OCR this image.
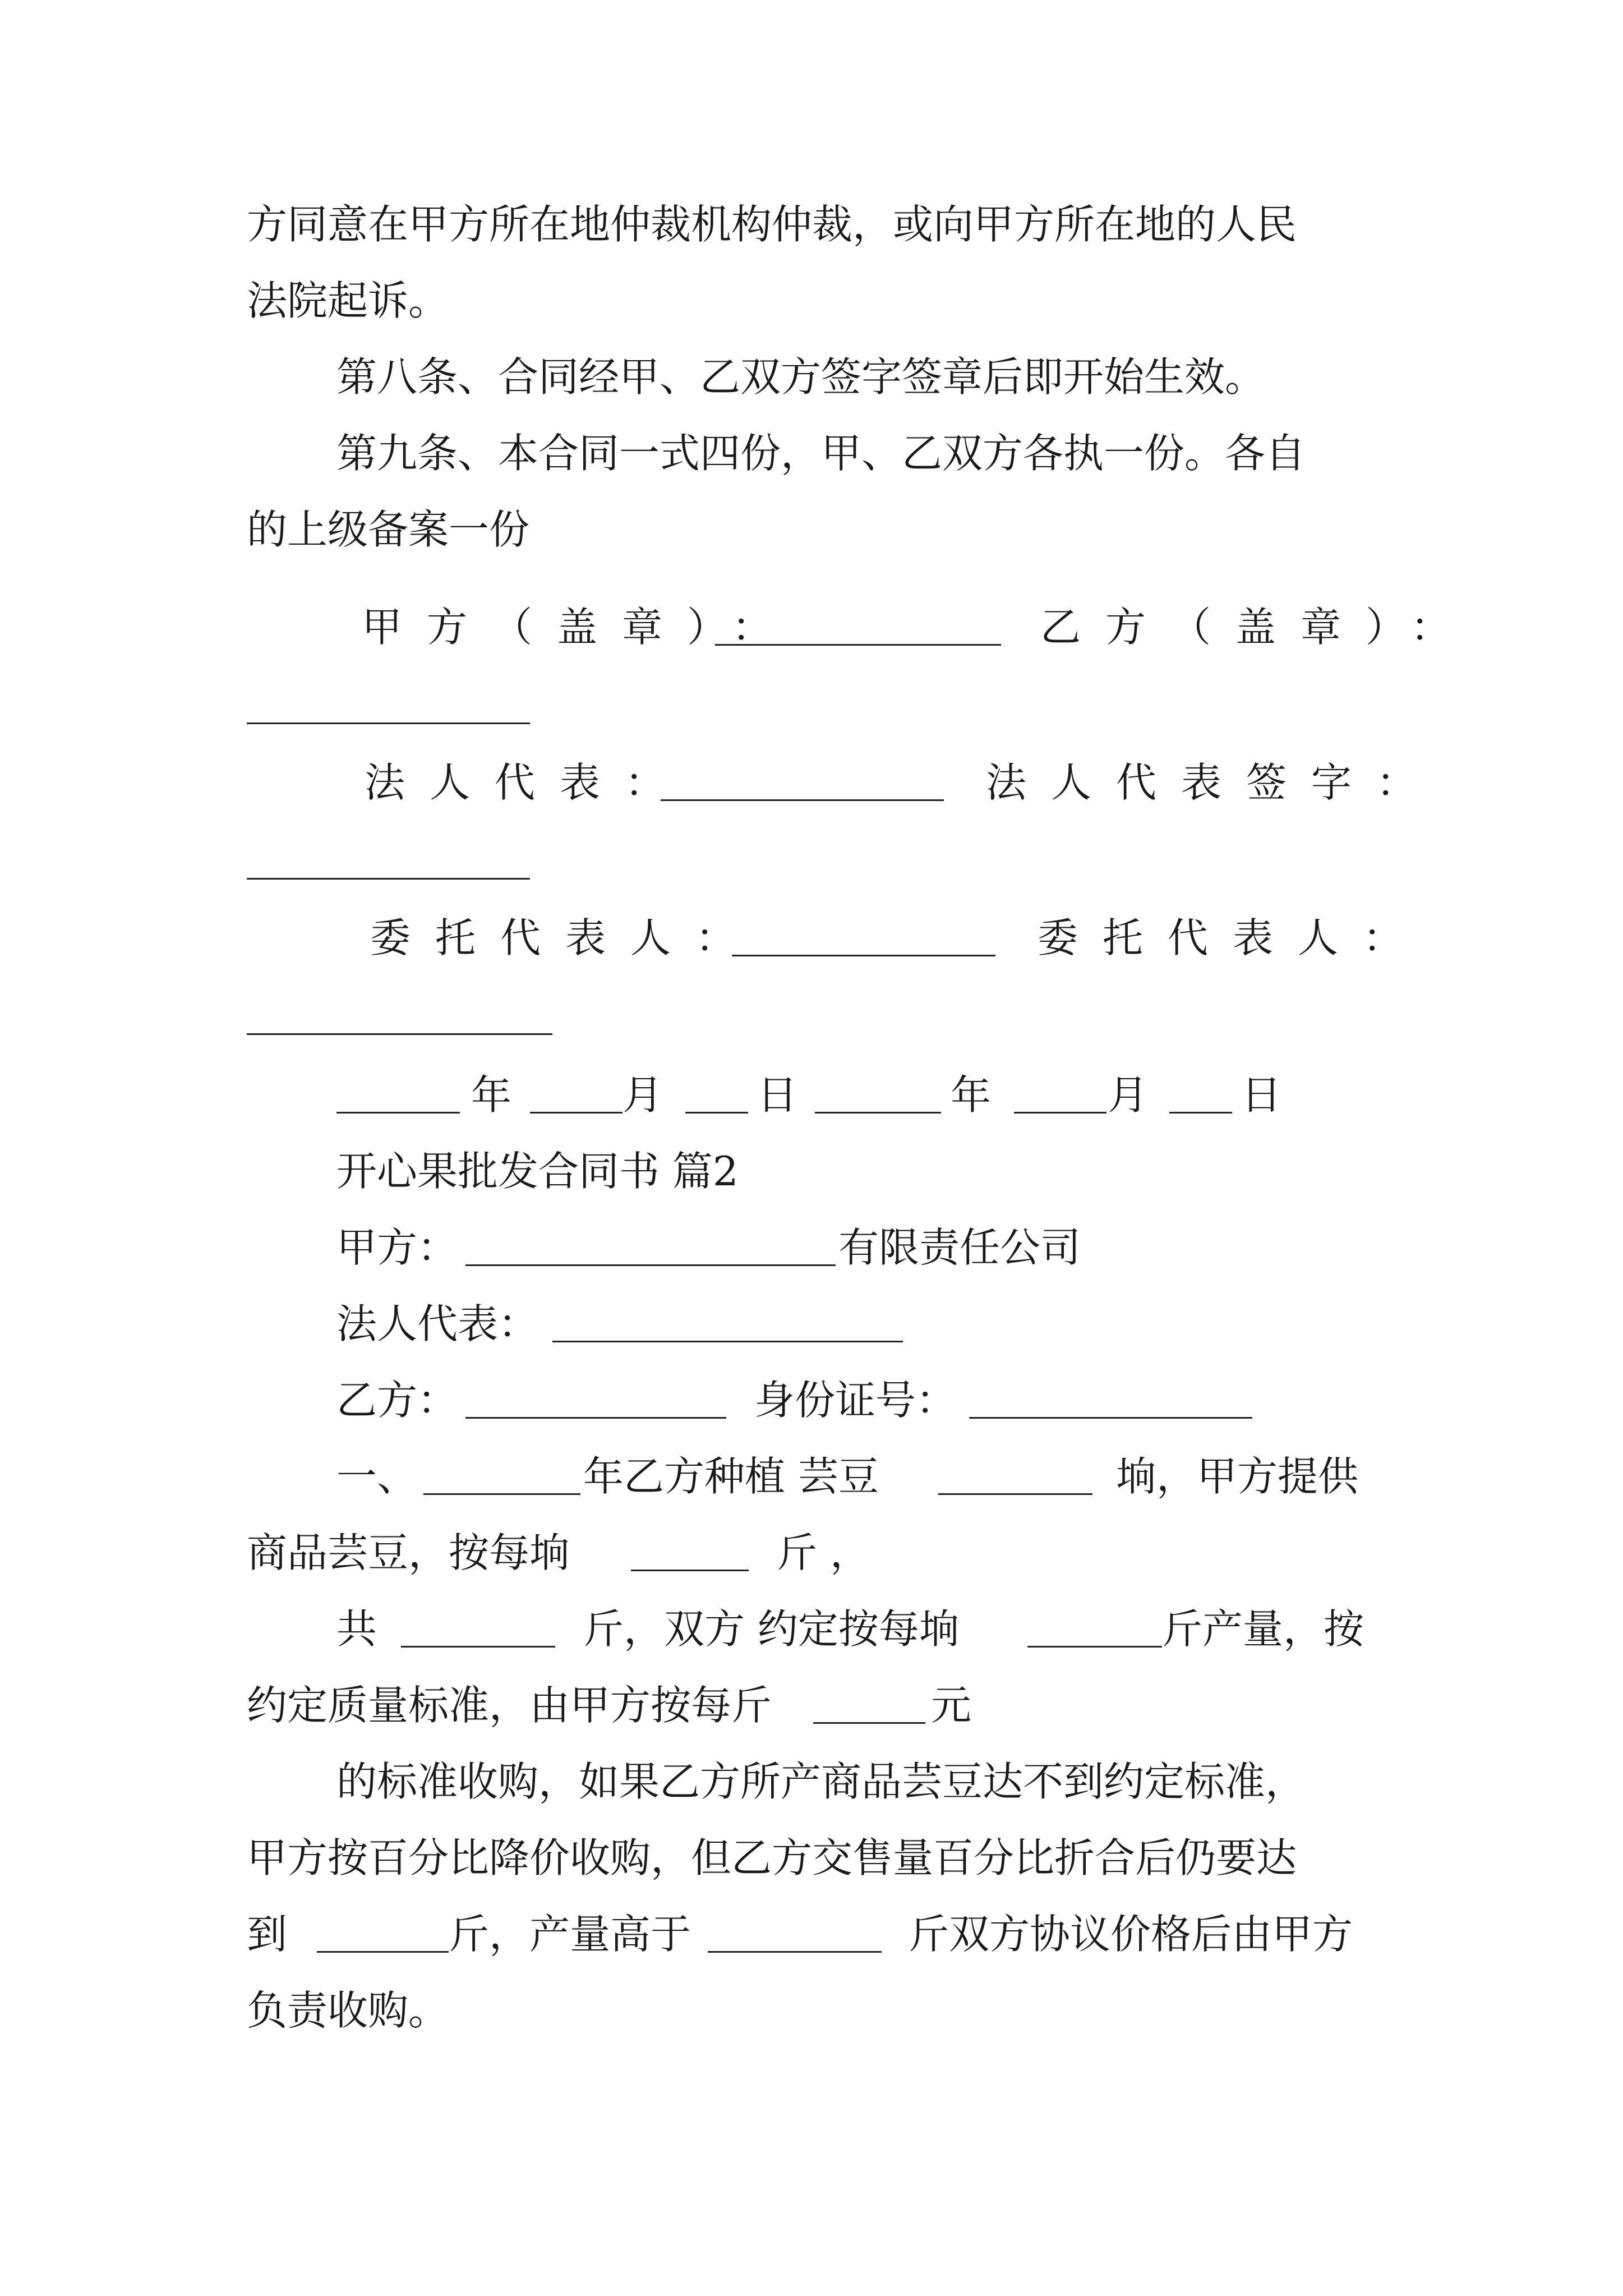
方同意在甲方所在地仲裁机构仲裁，或向甲方所在地的人民
法院起诉。
第八条、合同经甲、乙双方签字签章后即开始生效。
第九条、本合同一式四份，甲、乙双方各执一份。各自
的上级备案一份
甲方（盖章）：	乙方（盖章）：
法人代表：	法人代表签字：
委托代表人：	委托代表人：
年	月 日	年	月 日
开心果批发合同书 篇2
甲方：	有限责任公司
法人代表：
乙方：	身份证号：
一、	年乙方种植 芸豆	垧，甲方提供
商品芸豆，按每垧	斤 ，
共	斤，双方 约定按每垧	斤产量，按
约定质量标准，由甲方按每斤	元
的标准收购，如果乙方所产商品芸豆达不到约定标准，
甲方按百分比降价收购，但乙方交售量百分比折合后仍要达
到	斤，产量高于	斤双方协议价格后由甲方
负责收购。
